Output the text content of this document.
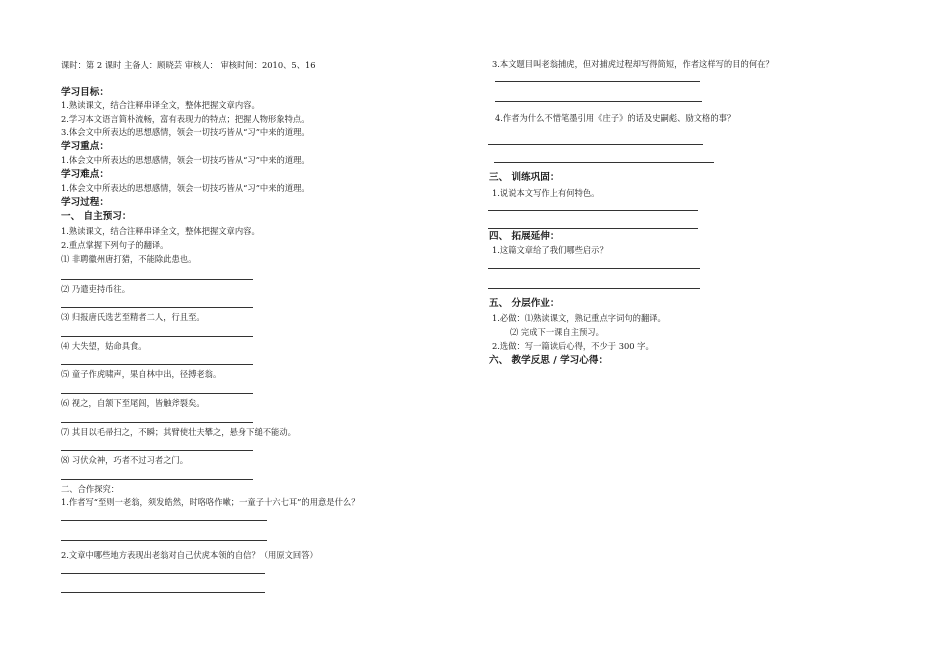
课时：第 2 课时 主备人：顾晓芸 审核人： 审核时间：2010、5、16
学习目标：
1.熟读课文，结合注释串译全文，整体把握文章内容。
2.学习本文语言简朴流畅，富有表现力的特点；把握人物形象特点。
3.体会文中所表达的思想感情，领会一切技巧皆从“习”中来的道理。
学习重点：
1.体会文中所表达的思想感情，领会一切技巧皆从“习”中来的道理。
学习难点：
1.体会文中所表达的思想感情，领会一切技巧皆从“习”中来的道理。
学习过程：
一、 自主预习：
1.熟读课文，结合注释串译全文，整体把握文章内容。
2.重点掌握下列句子的翻译。
⑴ 非聘徽州唐打猎，不能除此患也。
⑵ 乃遣吏持币往。
⑶ 归报唐氏选艺至精者二人，行且至。
⑷ 大失望，姑命具食。
⑸ 童子作虎啸声，果自林中出，径搏老翁。
⑹ 视之，自颔下至尾闾，皆触斧裂矣。
⑺ 其目以毛帚扫之，不瞬；其臂使壮夫攀之，悬身下缒不能动。
⑻ 习伏众神，巧者不过习者之门。
二、合作探究：
1.作者写“至则一老翁，须发皓然，时咯咯作嗽；一童子十六七耳”的用意是什么？
2.文章中哪些地方表现出老翁对自己伏虎本领的自信？（用原文回答）
3.本文题目叫老翁捕虎，但对捕虎过程却写得简短，作者这样写的目的何在？
4.作者为什么不惜笔墨引用《庄子》的话及史嗣彪、励文格的事？
三、 训练巩固：
1.说说本文写作上有何特色。
四、 拓展延伸：
1.这篇文章给了我们哪些启示？
五、 分层作业：
1.必做：⑴熟读课文，熟记重点字词句的翻译。
⑵ 完成下一课自主预习。
2.选做：写一篇读后心得，不少于 300 字。
六、 教学反思 / 学习心得：
